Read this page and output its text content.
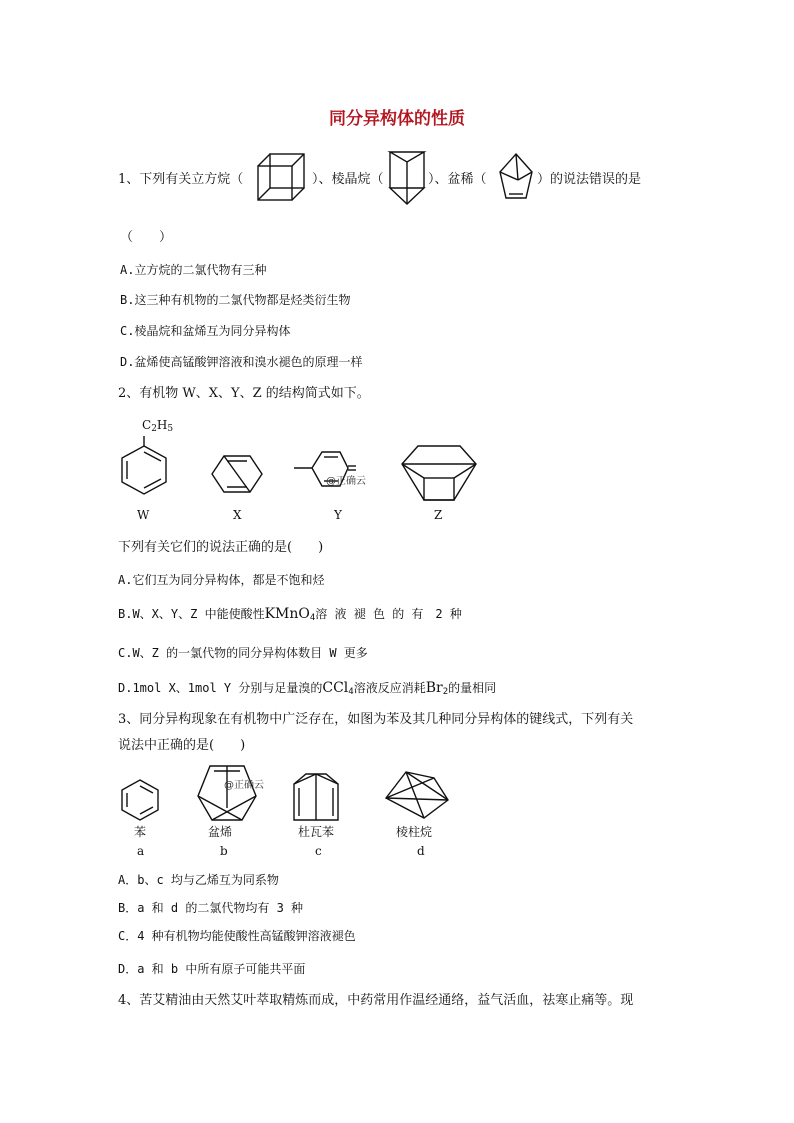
同分异构体的性质
1、下列有关立方烷（	）、棱晶烷（	）、盆稀（	）的说法错误的是
（　　）
A.立方烷的二氯代物有三种
B.这三种有机物的二氯代物都是烃类衍生物
C.棱晶烷和盆烯互为同分异构体
D.盆烯使高锰酸钾溶液和溴水褪色的原理一样
2、有机物 W、X、Y、Z 的结构简式如下。
$C_2H_5$
@正确云
W	X	Y	Z
下列有关它们的说法正确的是(　　)
A.它们互为同分异构体，都是不饱和烃
B.W、X、Y、Z 中能使酸性KMnO$_4$溶 液 褪 色 的 有　2 种
C.W、Z 的一氯代物的同分异构体数目 W 更多
D.1mol X、1mol Y 分别与足量溴的CCl$_4$溶液反应消耗$Br_2$的量相同
3、同分异构现象在有机物中广泛存在，如图为苯及其几种同分异构体的键线式，下列有关
说法中正确的是(　　)
@正确云
苯	盆烯	杜瓦苯	棱柱烷
a	b	c	d
A．b、c 均与乙烯互为同系物
B．a 和 d 的二氯代物均有 3 种
C．4 种有机物均能使酸性高锰酸钾溶液褪色
D．a 和 b 中所有原子可能共平面
4、苦艾精油由天然艾叶萃取精炼而成，中药常用作温经通络，益气活血，祛寒止痛等。现
